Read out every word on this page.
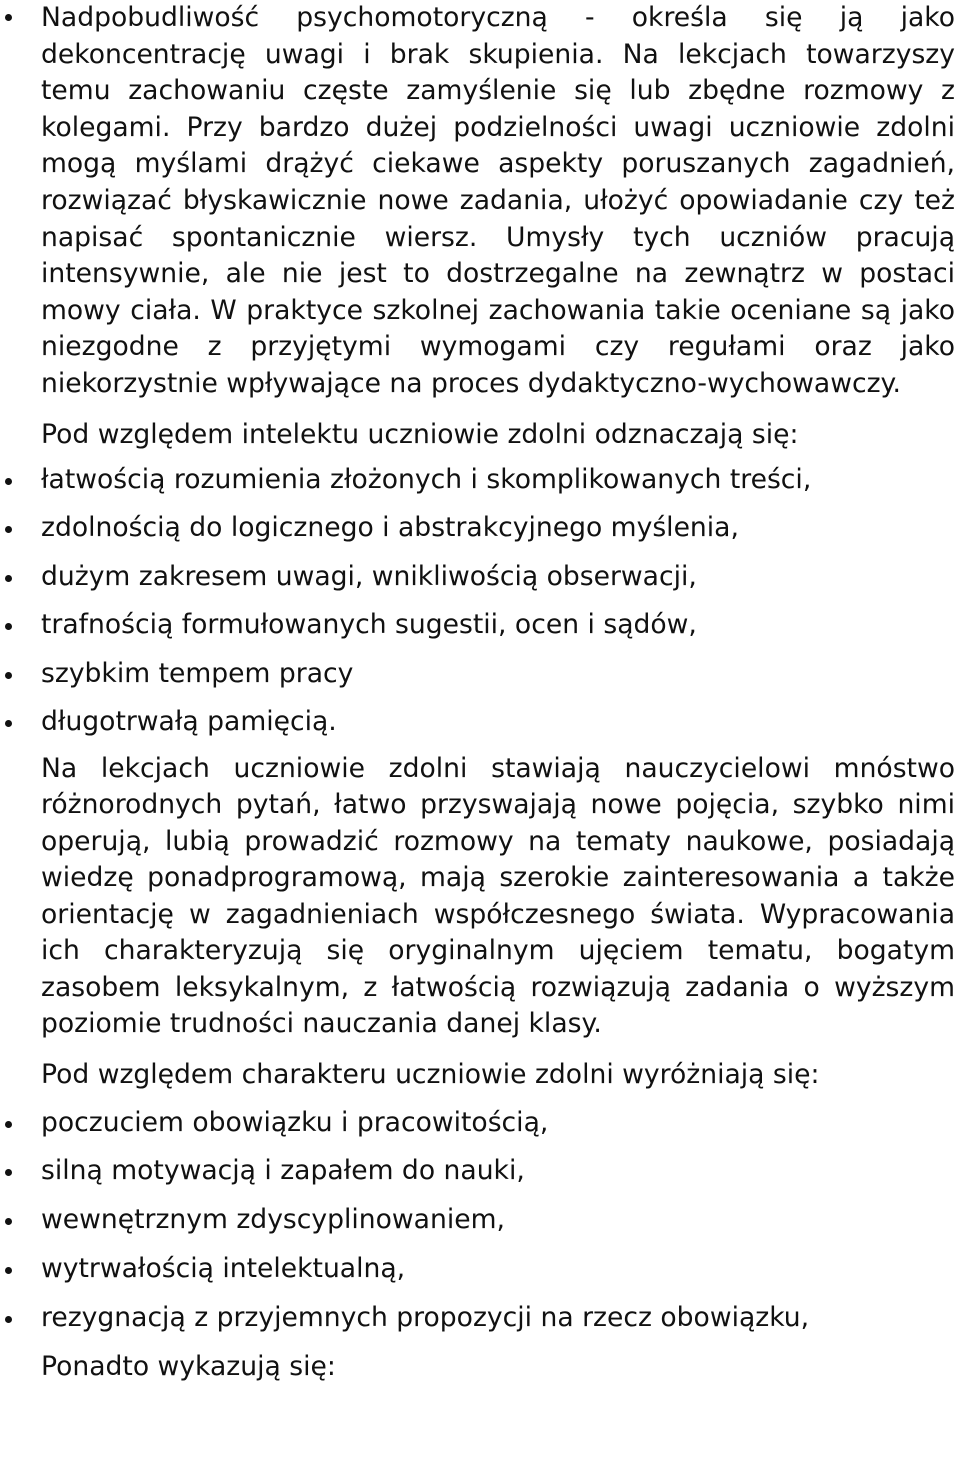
Nadpobudliwość psychomotoryczną - określa się ją jako dekoncentrację uwagi i brak skupienia. Na lekcjach towarzyszy temu zachowaniu częste zamyślenie się lub zbędne rozmowy z kolegami. Przy bardzo dużej podzielności uwagi uczniowie zdolni mogą myślami drążyć ciekawe aspekty poruszanych zagadnień, rozwiązać błyskawicznie nowe zadania, ułożyć opowiadanie czy też napisać spontanicznie wiersz. Umysły tych uczniów pracują intensywnie, ale nie jest to dostrzegalne na zewnątrz w postaci mowy ciała. W praktyce szkolnej zachowania takie oceniane są jako niezgodne z przyjętymi wymogami czy regułami oraz jako niekorzystnie wpływające na proces dydaktyczno-wychowawczy.
Pod względem intelektu uczniowie zdolni odznaczają się:
łatwością rozumienia złożonych i skomplikowanych treści,
zdolnością do logicznego i abstrakcyjnego myślenia,
dużym zakresem uwagi, wnikliwością obserwacji,
trafnością formułowanych sugestii, ocen i sądów,
szybkim tempem pracy
długotrwałą pamięcią.
Na lekcjach uczniowie zdolni stawiają nauczycielowi mnóstwo różnorodnych pytań, łatwo przyswajają nowe pojęcia, szybko nimi operują, lubią prowadzić rozmowy na tematy naukowe, posiadają wiedzę ponadprogramową, mają szerokie zainteresowania a także orientację w zagadnieniach współczesnego świata. Wypracowania ich charakteryzują się oryginalnym ujęciem tematu, bogatym zasobem leksykalnym, z łatwością rozwiązują zadania o wyższym poziomie trudności nauczania danej klasy.
Pod względem charakteru uczniowie zdolni wyróżniają się:
poczuciem obowiązku i pracowitością,
silną motywacją i zapałem do nauki,
wewnętrznym zdyscyplinowaniem,
wytrwałością intelektualną,
rezygnacją z przyjemnych propozycji na rzecz obowiązku,
Ponadto wykazują się:
